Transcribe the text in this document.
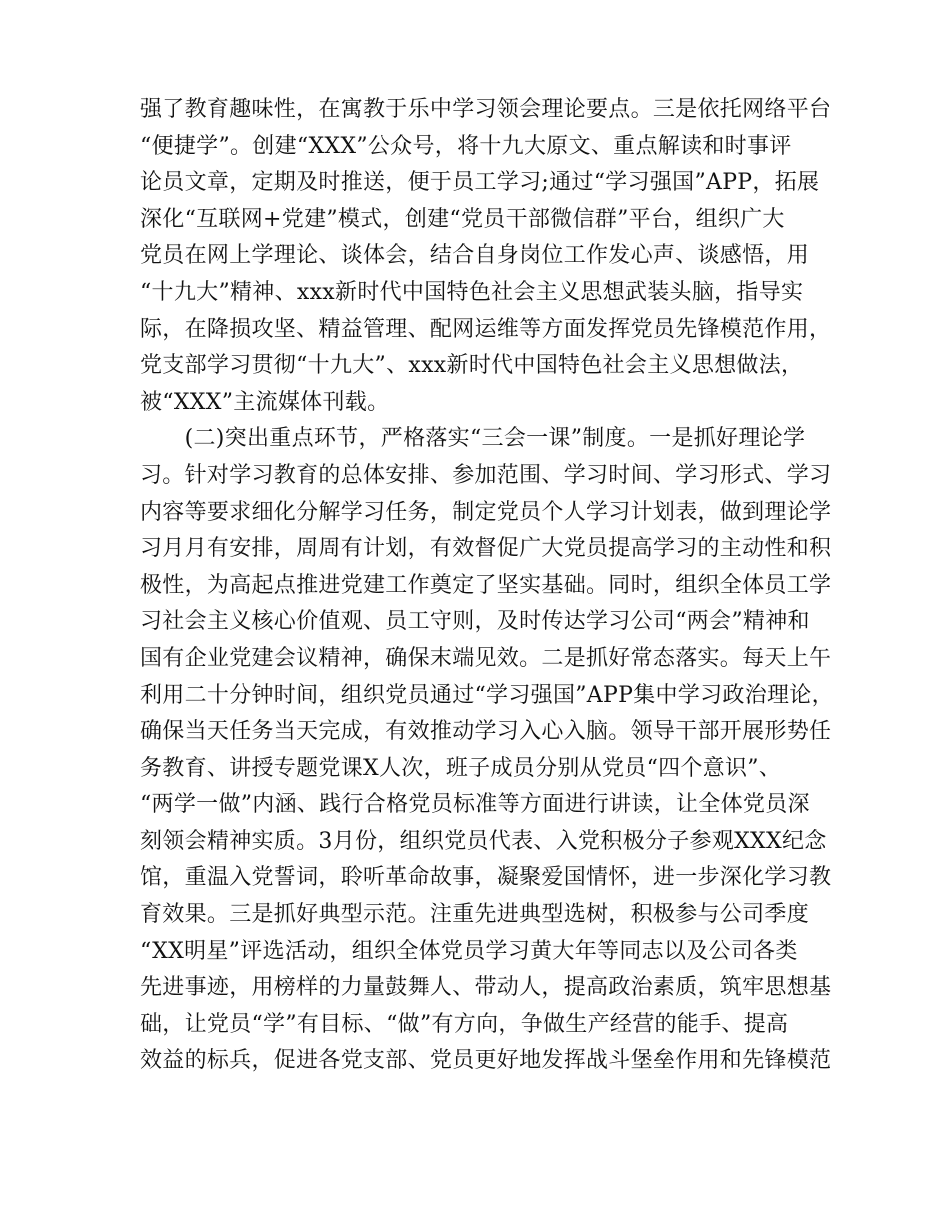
强了教育趣味性，在寓教于乐中学习领会理论要点。三是依托网络平台
“便捷学”。创建“XXX”公众号，将十九大原文、重点解读和时事评
论员文章，定期及时推送，便于员工学习;通过“学习强国”APP，拓展
深化“互联网+党建”模式，创建“党员干部微信群”平台，组织广大
党员在网上学理论、谈体会，结合自身岗位工作发心声、谈感悟，用
“十九大”精神、xxx新时代中国特色社会主义思想武装头脑，指导实
际，在降损攻坚、精益管理、配网运维等方面发挥党员先锋模范作用，
党支部学习贯彻“十九大”、xxx新时代中国特色社会主义思想做法，
被“XXX”主流媒体刊载。
　　(二)突出重点环节，严格落实“三会一课”制度。一是抓好理论学
习。针对学习教育的总体安排、参加范围、学习时间、学习形式、学习
内容等要求细化分解学习任务，制定党员个人学习计划表，做到理论学
习月月有安排，周周有计划，有效督促广大党员提高学习的主动性和积
极性，为高起点推进党建工作奠定了坚实基础。同时，组织全体员工学
习社会主义核心价值观、员工守则，及时传达学习公司“两会”精神和
国有企业党建会议精神，确保末端见效。二是抓好常态落实。每天上午
利用二十分钟时间，组织党员通过“学习强国”APP集中学习政治理论，
确保当天任务当天完成，有效推动学习入心入脑。领导干部开展形势任
务教育、讲授专题党课X人次，班子成员分别从党员“四个意识”、
“两学一做”内涵、践行合格党员标准等方面进行讲读，让全体党员深
刻领会精神实质。3月份，组织党员代表、入党积极分子参观XXX纪念
馆，重温入党誓词，聆听革命故事，凝聚爱国情怀，进一步深化学习教
育效果。三是抓好典型示范。注重先进典型选树，积极参与公司季度
“XX明星”评选活动，组织全体党员学习黄大年等同志以及公司各类
先进事迹，用榜样的力量鼓舞人、带动人，提高政治素质，筑牢思想基
础，让党员“学”有目标、“做”有方向，争做生产经营的能手、提高
效益的标兵，促进各党支部、党员更好地发挥战斗堡垒作用和先锋模范
